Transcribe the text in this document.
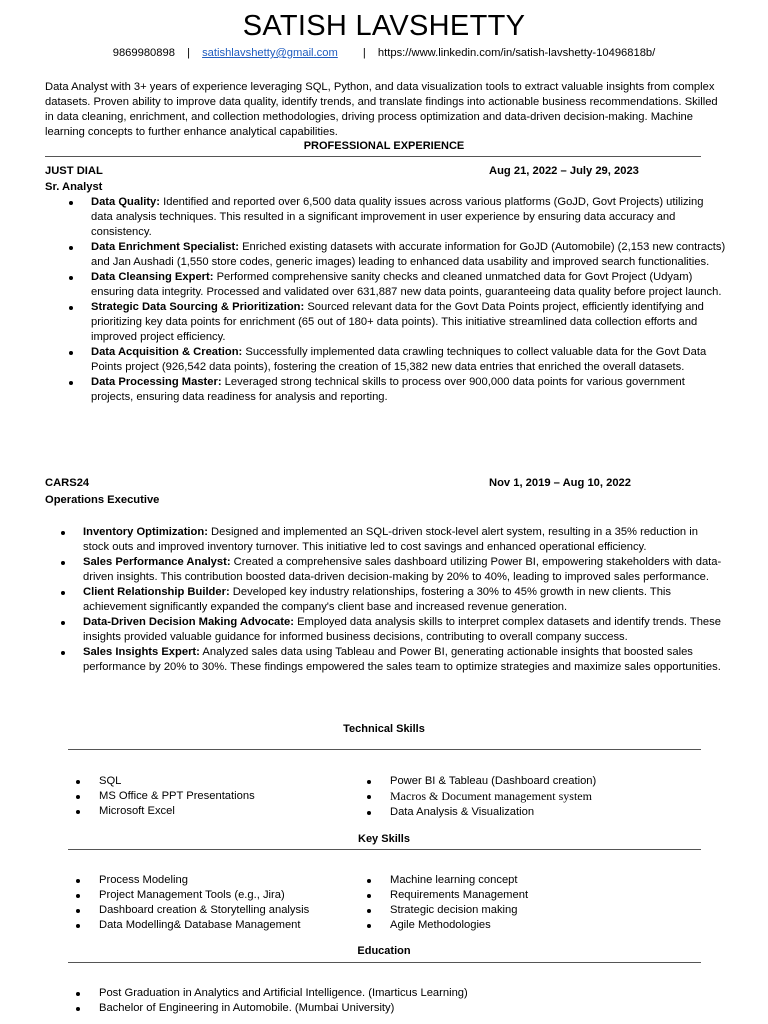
SATISH LAVSHETTY
9869980898 | satishlavshetty@gmail.com | https://www.linkedin.com/in/satish-lavshetty-10496818b/
Data Analyst with 3+ years of experience leveraging SQL, Python, and data visualization tools to extract valuable insights from complex datasets. Proven ability to improve data quality, identify trends, and translate findings into actionable business recommendations. Skilled in data cleaning, enrichment, and collection methodologies, driving process optimization and data-driven decision-making. Machine learning concepts to further enhance analytical capabilities.
PROFESSIONAL EXPERIENCE
JUST DIAL	Aug 21, 2022 – July 29, 2023
Sr. Analyst
Data Quality: Identified and reported over 6,500 data quality issues across various platforms (GoJD, Govt Projects) utilizing data analysis techniques. This resulted in a significant improvement in user experience by ensuring data accuracy and consistency.
Data Enrichment Specialist: Enriched existing datasets with accurate information for GoJD (Automobile) (2,153 new contracts) and Jan Aushadi (1,550 store codes, generic images) leading to enhanced data usability and improved search functionalities.
Data Cleansing Expert: Performed comprehensive sanity checks and cleaned unmatched data for Govt Project (Udyam) ensuring data integrity. Processed and validated over 631,887 new data points, guaranteeing data quality before project launch.
Strategic Data Sourcing & Prioritization: Sourced relevant data for the Govt Data Points project, efficiently identifying and prioritizing key data points for enrichment (65 out of 180+ data points). This initiative streamlined data collection efforts and improved project efficiency.
Data Acquisition & Creation: Successfully implemented data crawling techniques to collect valuable data for the Govt Data Points project (926,542 data points), fostering the creation of 15,382 new data entries that enriched the overall datasets.
Data Processing Master: Leveraged strong technical skills to process over 900,000 data points for various government projects, ensuring data readiness for analysis and reporting.
CARS24	Nov 1, 2019 – Aug 10, 2022
Operations Executive
Inventory Optimization: Designed and implemented an SQL-driven stock-level alert system, resulting in a 35% reduction in stock outs and improved inventory turnover. This initiative led to cost savings and enhanced operational efficiency.
Sales Performance Analyst: Created a comprehensive sales dashboard utilizing Power BI, empowering stakeholders with data-driven insights. This contribution boosted data-driven decision-making by 20% to 40%, leading to improved sales performance.
Client Relationship Builder: Developed key industry relationships, fostering a 30% to 45% growth in new clients. This achievement significantly expanded the company's client base and increased revenue generation.
Data-Driven Decision Making Advocate: Employed data analysis skills to interpret complex datasets and identify trends. These insights provided valuable guidance for informed business decisions, contributing to overall company success.
Sales Insights Expert: Analyzed sales data using Tableau and Power BI, generating actionable insights that boosted sales performance by 20% to 30%. These findings empowered the sales team to optimize strategies and maximize sales opportunities.
Technical Skills
SQL
MS Office & PPT Presentations
Microsoft Excel
Power BI & Tableau (Dashboard creation)
Macros & Document management system
Data Analysis & Visualization
Key Skills
Process Modeling
Project Management Tools (e.g., Jira)
Dashboard creation & Storytelling analysis
Data Modelling& Database Management
Machine learning concept
Requirements Management
Strategic decision making
Agile Methodologies
Education
Post Graduation in Analytics and Artificial Intelligence. (Imarticus Learning)
Bachelor of Engineering in Automobile. (Mumbai University)
